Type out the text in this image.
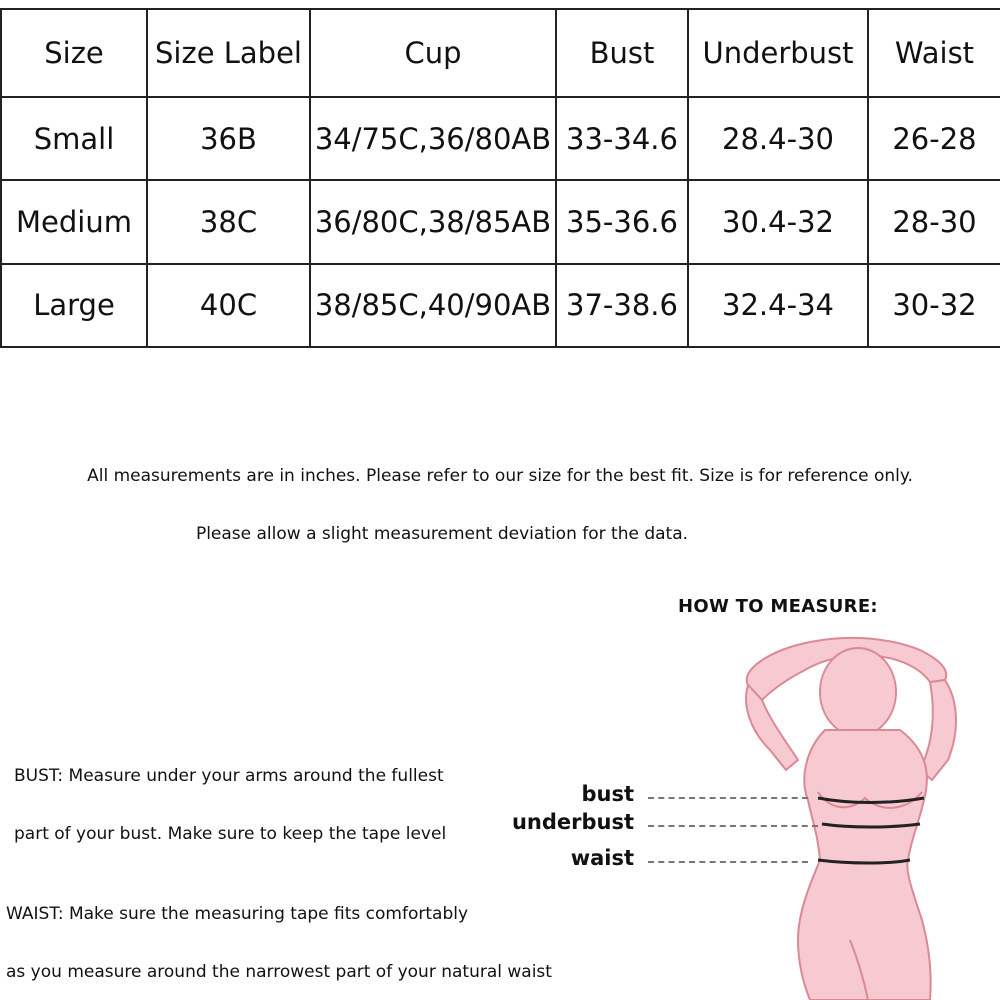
Size	Size Label	Cup	Bust	Underbust	Waist
Small	36B	34/75C,36/80AB	33-34.6	28.4-30	26-28
Medium	38C	36/80C,38/85AB	35-36.6	30.4-32	28-30
Large	40C	38/85C,40/90AB	37-38.6	32.4-34	30-32
All measurements are in inches. Please refer to our size for the best fit. Size is for reference only.
Please allow a slight measurement deviation for the data.
HOW TO MEASURE:
BUST: Measure under your arms around the fullest
part of your bust. Make sure to keep the tape level
WAIST: Make sure the measuring tape fits comfortably
as you measure around the narrowest part of your natural waist
bust
underbust
waist
